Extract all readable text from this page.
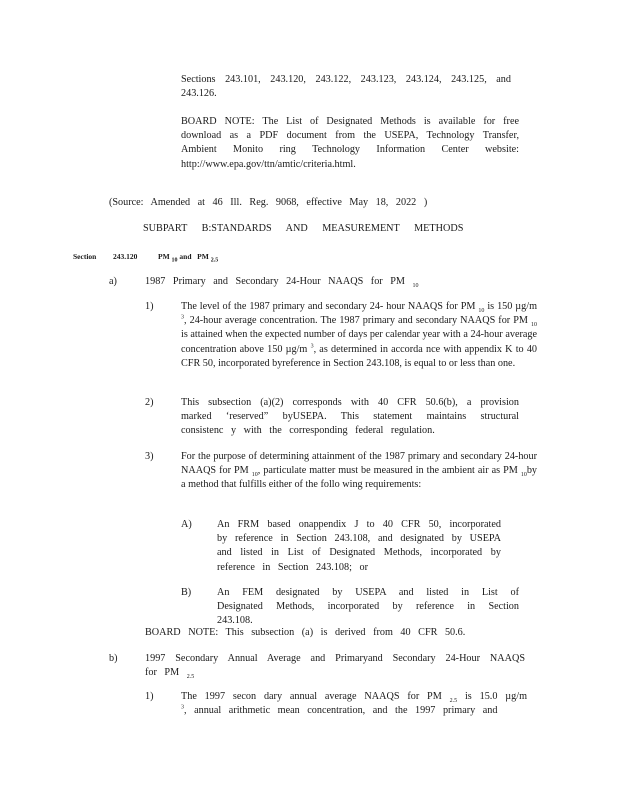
Sections 243.101, 243.120, 243.122, 243.123, 243.124, 243.125, and 243.126.
BOARD NOTE: The List of Designated Methods is available for free download as a PDF document from the USEPA, Technology Transfer, Ambient Monito ring Technology Information Center website: http://www.epa.gov/ttn/amtic/criteria.html.
(Source: Amended at 46 Ill. Reg. 9068, effective May 18, 2022 )
SUBPART B:STANDARDS AND MEASUREMENT METHODS
Section 243.120	PM $_{10}$ and PM $_{2.5}$
a)	1987 Primary and Secondary 24-Hour NAAQS for PM $_{10}$
1)	The level of the 1987 primary and secondary 24- hour NAAQS for PM $_{10}$ is 150 µg/m $^3$, 24-hour average concentration. The 1987 primary and secondary NAAQS for PM $_{10}$ is attained when the expected number of days per calendar year with a 24-hour average concentration above 150 µg/m $^3$, as determined in accorda nce with appendix K to 40 CFR 50, incorporated byreference in Section 243.108, is equal to or less than one.
2)	This subsection (a)(2) corresponds with 40 CFR 50.6(b), a provision marked ‘reserved” byUSEPA. This statement maintains structural consistenc y with the corresponding federal regulation.
3)	For the purpose of determining attainment of the 1987 primary and secondary 24-hour NAAQS for PM $_{10}$, particulate matter must be measured in the ambient air as PM $_{10}$by a method that fulfills either of the follo wing requirements:
A) An FRM based onappendix J to 40 CFR 50, incorporated by reference in Section 243.108, and designated by USEPA and listed in List of Designated Methods, incorporated by reference in Section 243.108; or
B)	An FEM designated by USEPA and listed in List of Designated Methods, incorporated by reference in Section 243.108.
BOARD NOTE: This subsection (a) is derived from 40 CFR 50.6.
b)	1997 Secondary Annual Average and Primaryand Secondary 24-Hour NAAQS for PM $_{2.5}$
1)	The 1997 secon dary annual average NAAQS for PM $_{2.5}$ is 15.0 µg/m $^3$, annual arithmetic mean concentration, and the 1997 primary and
